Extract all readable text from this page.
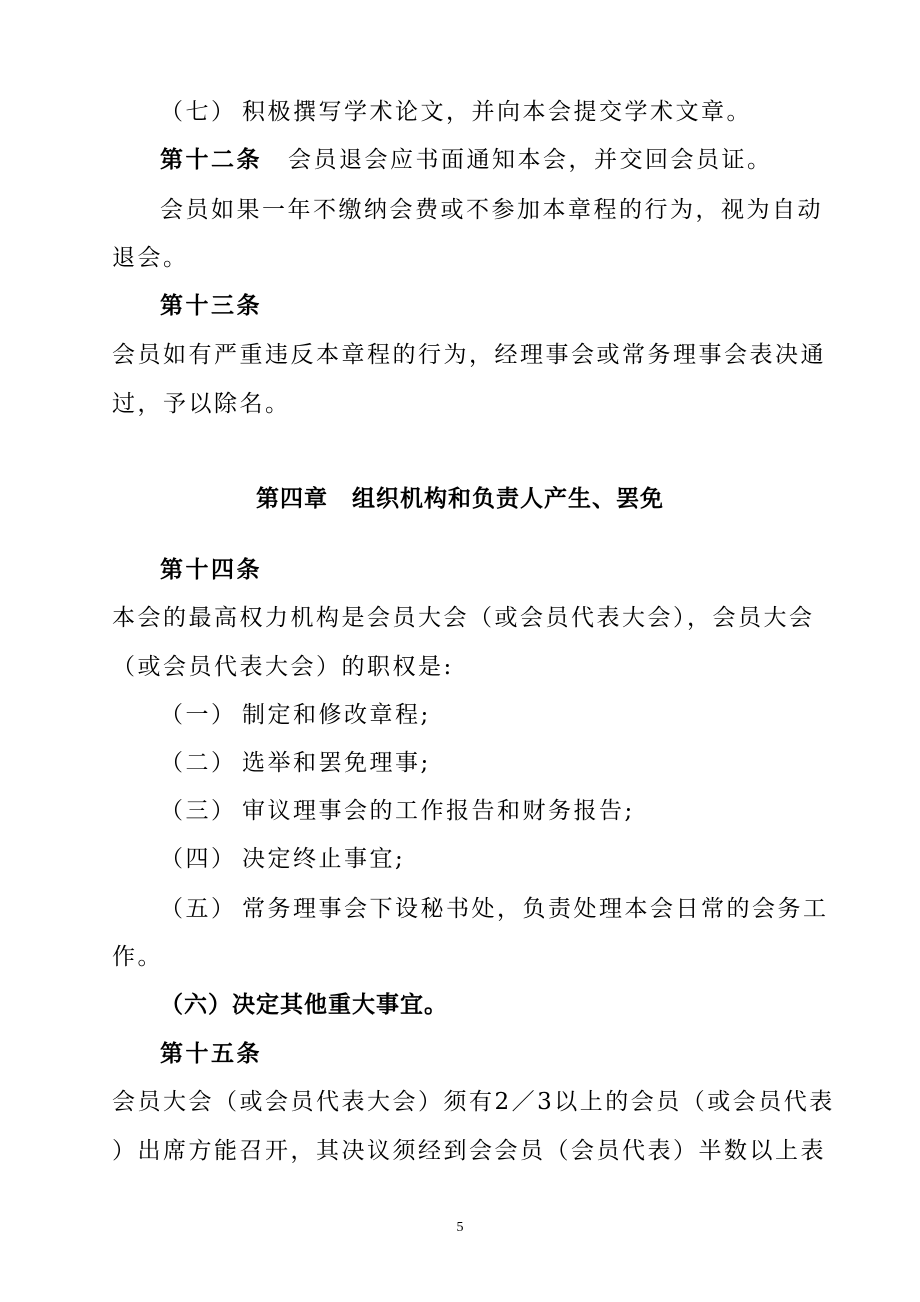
（七） 积极撰写学术论文，并向本会提交学术文章。
第十二条 会员退会应书面通知本会，并交回会员证。
会员如果一年不缴纳会费或不参加本章程的行为，视为自动
退会。
第十三条
会员如有严重违反本章程的行为，经理事会或常务理事会表决通
过，予以除名。
第四章　组织机构和负责人产生、罢免
第十四条
本会的最高权力机构是会员大会（或会员代表大会），会员大会
（或会员代表大会）的职权是:
（一） 制定和修改章程;
（二） 选举和罢免理事;
（三） 审议理事会的工作报告和财务报告;
（四） 决定终止事宜;
（五） 常务理事会下设秘书处，负责处理本会日常的会务工
作。
（六）决定其他重大事宜。
第十五条
会员大会（或会员代表大会）须有2／3以上的会员（或会员代表
）出席方能召开，其决议须经到会会员（会员代表）半数以上表
5
